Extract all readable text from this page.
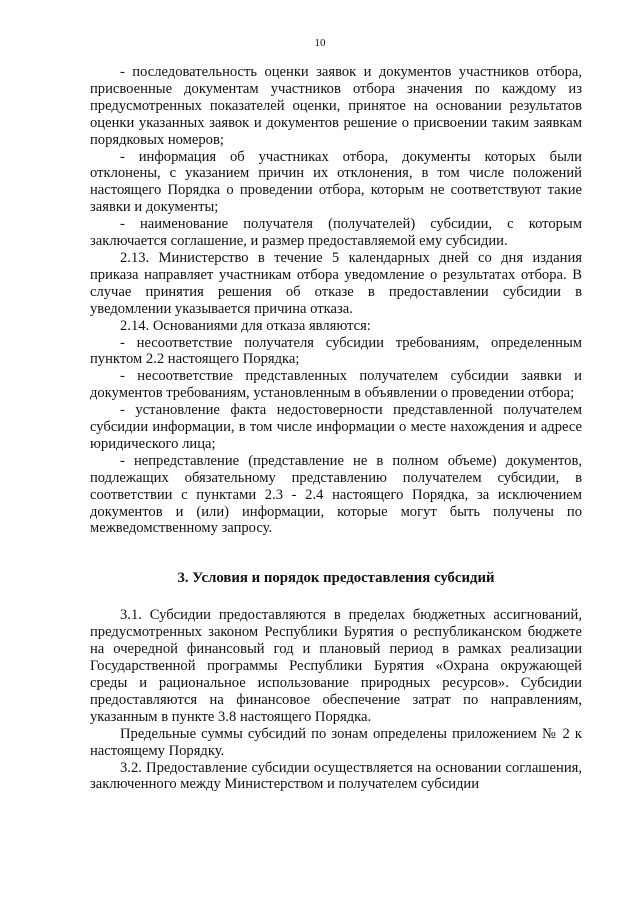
10

- последовательность оценки заявок и документов участников отбора, присвоенные документам участников отбора значения по каждому из предусмотренных показателей оценки, принятое на основании результатов оценки указанных заявок и документов решение о присвоении таким заявкам порядковых номеров;

- информация об участниках отбора, документы которых были отклонены, с указанием причин их отклонения, в том числе положений настоящего Порядка о проведении отбора, которым не соответствуют такие заявки и документы;

- наименование получателя (получателей) субсидии, с которым заключается соглашение, и размер предоставляемой ему субсидии.

2.13. Министерство в течение 5 календарных дней со дня издания приказа направляет участникам отбора уведомление о результатах отбора. В случае принятия решения об отказе в предоставлении субсидии в уведомлении указывается причина отказа.

2.14. Основаниями для отказа являются:

- несоответствие получателя субсидии требованиям, определенным пунктом 2.2 настоящего Порядка;

- несоответствие представленных получателем субсидии заявки и документов требованиям, установленным в объявлении о проведении отбора;

- установление факта недостоверности представленной получателем субсидии информации, в том числе информации о месте нахождения и адресе юридического лица;

- непредставление (представление не в полном объеме) документов, подлежащих обязательному представлению получателем субсидии, в соответствии с пунктами 2.3 - 2.4 настоящего Порядка, за исключением документов и (или) информации, которые могут быть получены по межведомственному запросу.

3. Условия и порядок предоставления субсидий

3.1. Субсидии предоставляются в пределах бюджетных ассигнований, предусмотренных законом Республики Бурятия о республиканском бюджете на очередной финансовый год и плановый период в рамках реализации Государственной программы Республики Бурятия «Охрана окружающей среды и рациональное использование природных ресурсов». Субсидии предоставляются на финансовое обеспечение затрат по направлениям, указанным в пункте 3.8 настоящего Порядка.

Предельные суммы субсидий по зонам определены приложением № 2 к настоящему Порядку.

3.2. Предоставление субсидии осуществляется на основании соглашения, заключенного между Министерством и получателем субсидии
